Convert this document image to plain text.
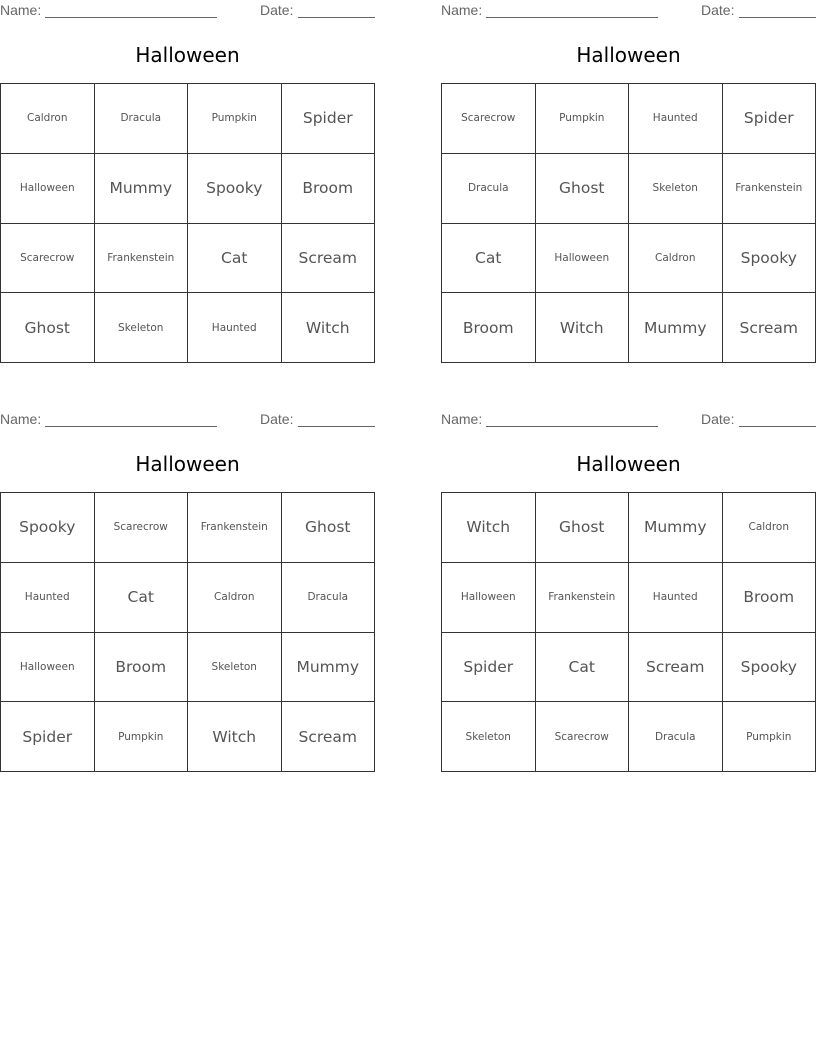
Name:	Date:
Halloween
Caldron	Dracula	Pumpkin	Spider
Halloween	Mummy	Spooky	Broom
Scarecrow	Frankenstein	Cat	Scream
Ghost	Skeleton	Haunted	Witch
Name:	Date:
Halloween
Scarecrow	Pumpkin	Haunted	Spider
Dracula	Ghost	Skeleton	Frankenstein
Cat	Halloween	Caldron	Spooky
Broom	Witch	Mummy	Scream
Name:	Date:
Halloween
Spooky	Scarecrow	Frankenstein	Ghost
Haunted	Cat	Caldron	Dracula
Halloween	Broom	Skeleton	Mummy
Spider	Pumpkin	Witch	Scream
Name:	Date:
Halloween
Witch	Ghost	Mummy	Caldron
Halloween	Frankenstein	Haunted	Broom
Spider	Cat	Scream	Spooky
Skeleton	Scarecrow	Dracula	Pumpkin
